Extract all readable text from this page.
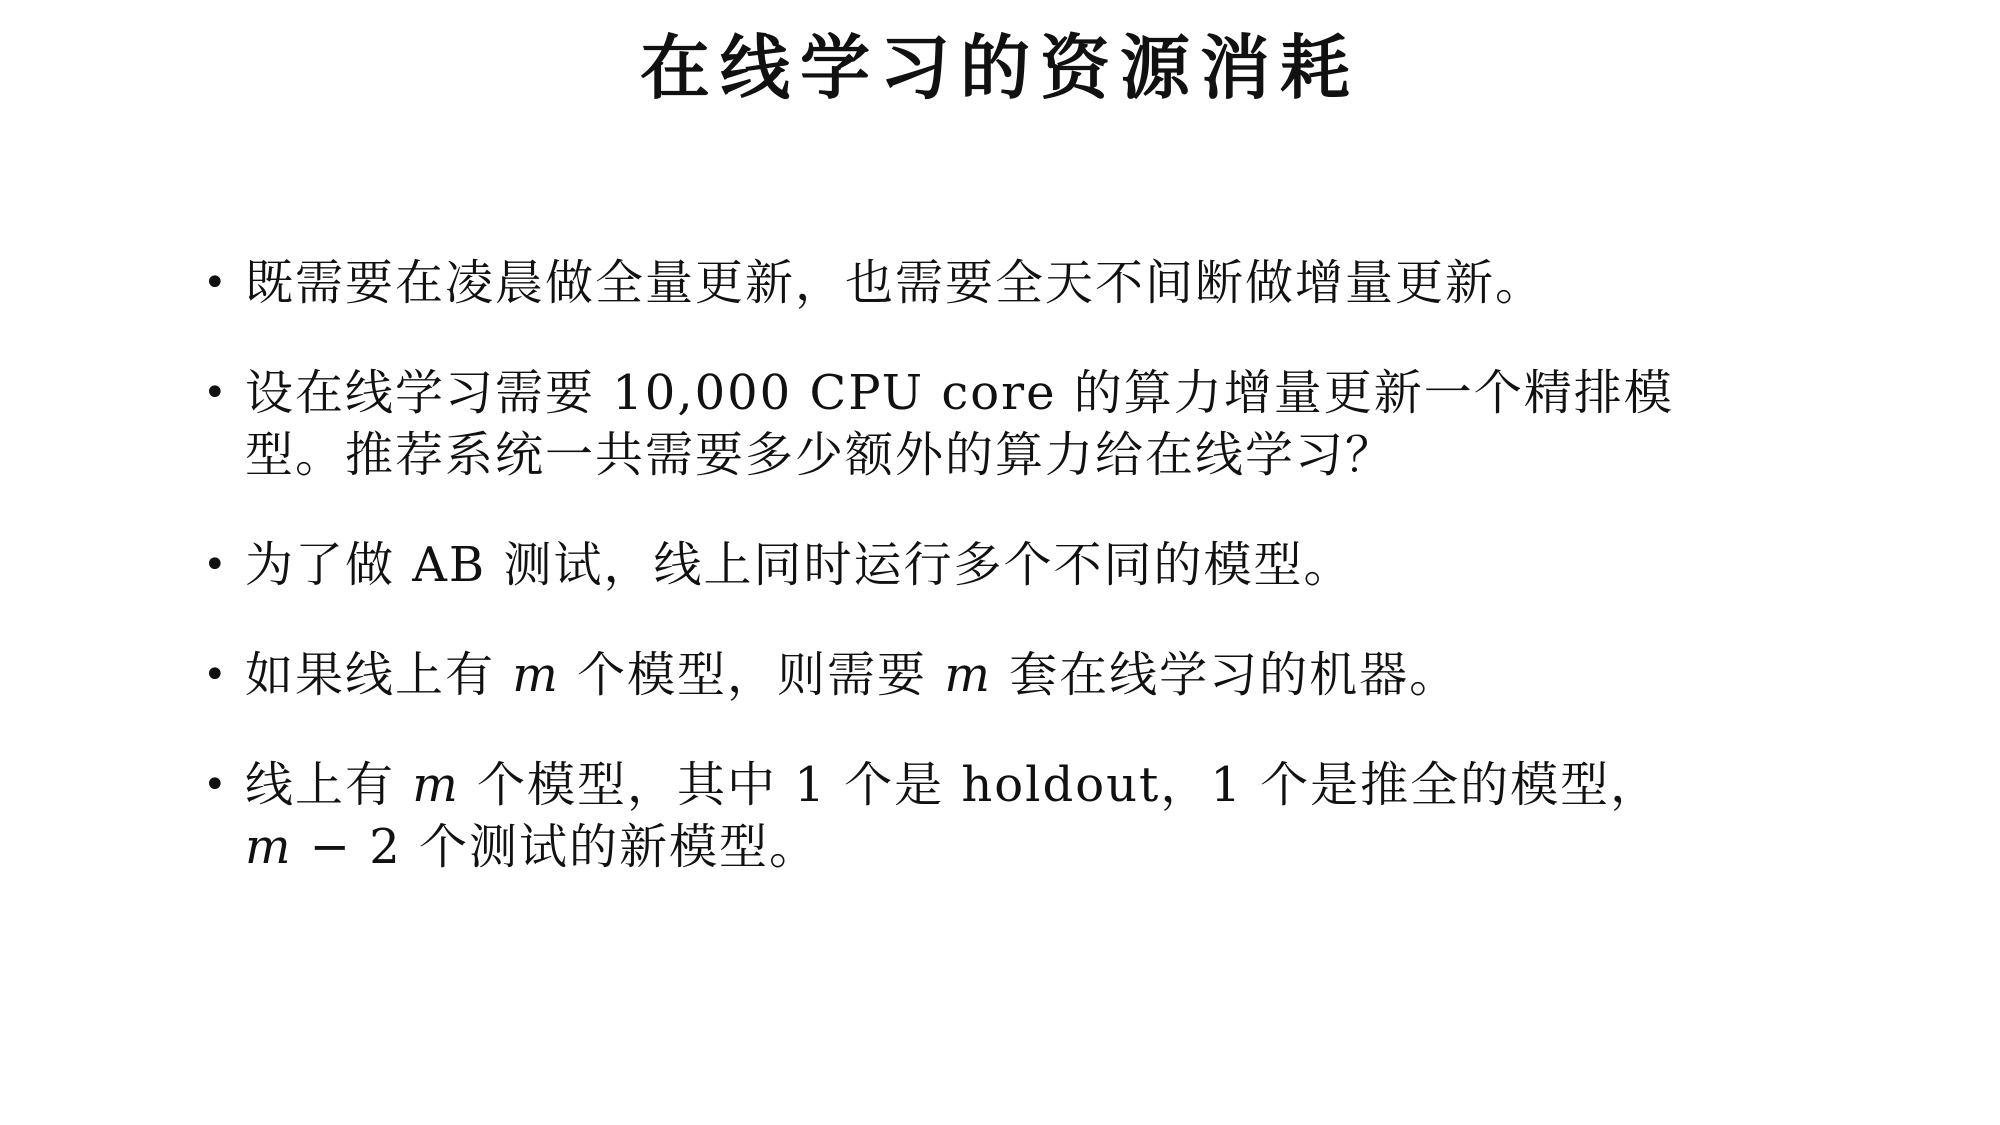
在线学习的资源消耗
• 既需要在凌晨做全量更新，也需要全天不间断做增量更新。
• 设在线学习需要 10,000 CPU core 的算力增量更新一个精排模
型。推荐系统一共需要多少额外的算力给在线学习？
• 为了做 AB 测试，线上同时运行多个不同的模型。
• 如果线上有 m 个模型，则需要 m 套在线学习的机器。
• 线上有 m 个模型，其中 1 个是 holdout，1 个是推全的模型，
m − 2 个测试的新模型。
